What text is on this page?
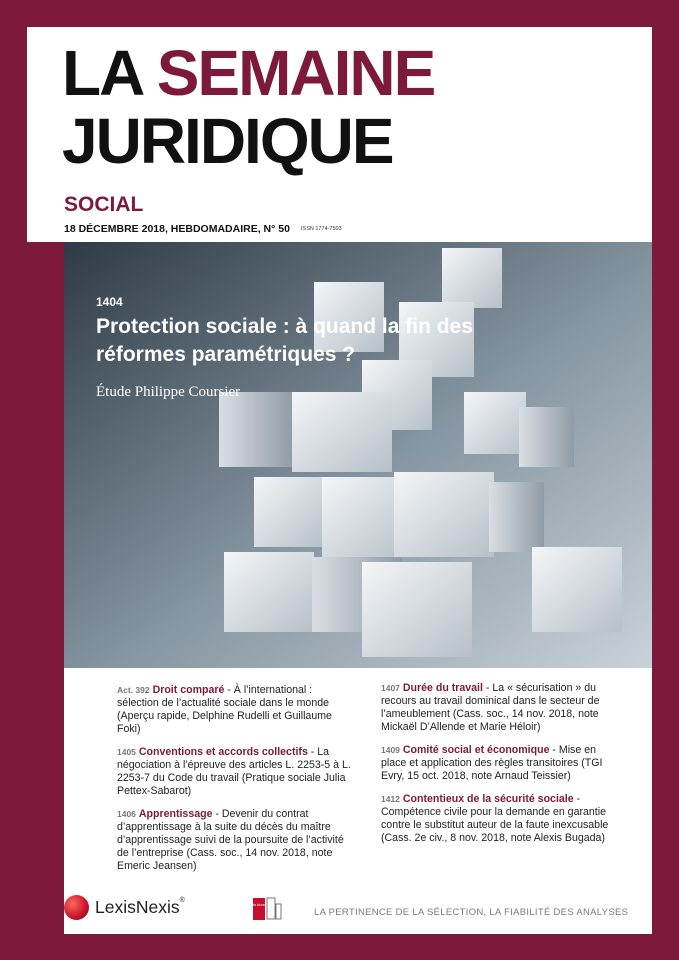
LA SEMAINE
JURIDIQUE
SOCIAL
18 DÉCEMBRE 2018, HEBDOMADAIRE, N° 50 ISSN 1774-7503
1404
Protection sociale : à quand la fin des réformes paramétriques ?
Étude Philippe Coursier
Act. 392 Droit comparé - À l’international : sélection de l’actualité sociale dans le monde (Aperçu rapide, Delphine Rudelli et Guillaume Foki)
1405 Conventions et accords collectifs - La négociation à l’épreuve des articles L. 2253-5 à L. 2253-7 du Code du travail (Pratique sociale Julia Pettex-Sabarot)
1406 Apprentissage - Devenir du contrat d’apprentissage à la suite du décès du maître d’apprentissage suivi de la poursuite de l’activité de l’entreprise (Cass. soc., 14 nov. 2018, note Emeric Jeansen)
1407 Durée du travail - La « sécurisation » du recours au travail dominical dans le secteur de l’ameublement (Cass. soc., 14 nov. 2018, note Mickaël D’Allende et Marie Héloir)
1409 Comité social et économique - Mise en place et application des règles transitoires (TGI Evry, 15 oct. 2018, note Arnaud Teissier)
1412 Contentieux de la sécurité sociale - Compétence civile pour la demande en garantie contre le substitut auteur de la faute inexcusable (Cass. 2e civ., 8 nov. 2018, note Alexis Bugada)
LexisNexis®
Lexis kiosque
LA PERTINENCE DE LA SÉLECTION, LA FIABILITÉ DES ANALYSES
